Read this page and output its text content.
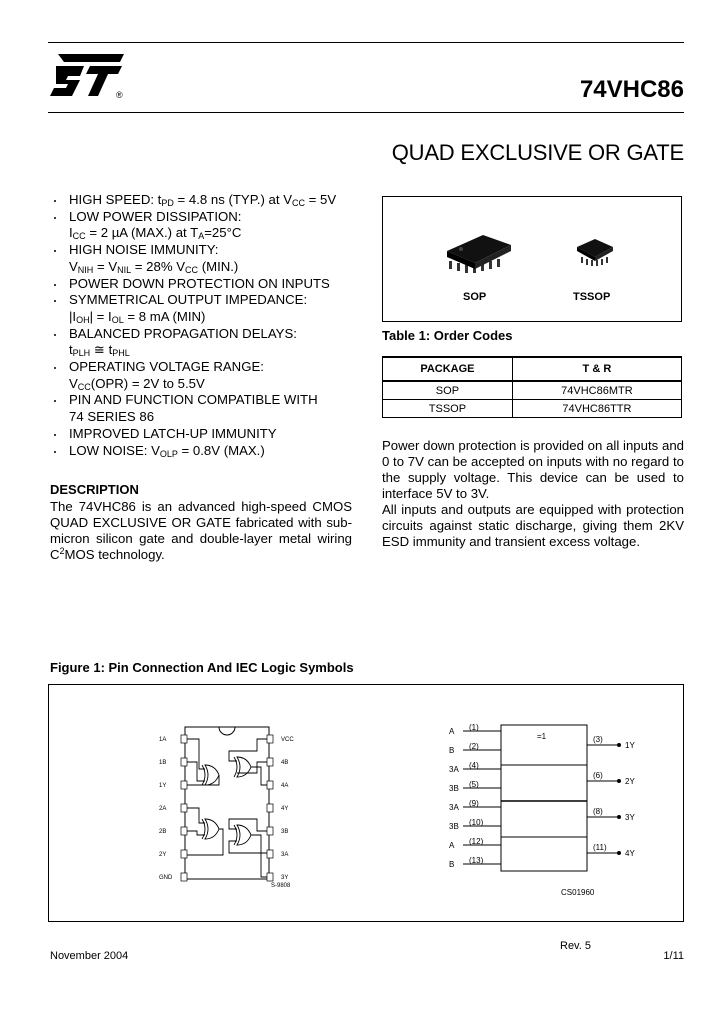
®	74VHC86
QUAD EXCLUSIVE OR GATE
HIGH SPEED: $t_{PD} = 4.8$ ns (TYP.) at $V_{CC} = 5V$
LOW POWER DISSIPATION:
$I_{CC} = 2$ µA (MAX.) at $T_A=25^\circ C$
HIGH NOISE IMMUNITY:
$V_{NIH} = V_{NIL} = 28\%$ $V_{CC}$ (MIN.)
POWER DOWN PROTECTION ON INPUTS
SYMMETRICAL OUTPUT IMPEDANCE:
$|I_{OH}| = I_{OL} = 8$ mA (MIN)
BALANCED PROPAGATION DELAYS:
$t_{PLH}$ ≅ $t_{PHL}$
OPERATING VOLTAGE RANGE:
$V_{CC}(OPR) = 2V$ to 5.5V
PIN AND FUNCTION COMPATIBLE WITH
74 SERIES 86
IMPROVED LATCH-UP IMMUNITY
LOW NOISE: $V_{OLP} = 0.8V$ (MAX.)
DESCRIPTION
The 74VHC86 is an advanced high-speed CMOS QUAD EXCLUSIVE OR GATE fabricated with sub-micron silicon gate and double-layer metal wiring $C^2MOS$ technology.
SOP	TSSOP
Table 1: Order Codes
PACKAGE	T & R
SOP	74VHC86MTR
TSSOP	74VHC86TTR
Power down protection is provided on all inputs and 0 to 7V can be accepted on inputs with no regard to the supply voltage. This device can be used to interface 5V to 3V.
All inputs and outputs are equipped with protection circuits against static discharge, giving them 2KV ESD immunity and transient excess voltage.
Figure 1: Pin Connection And IEC Logic Symbols
1A
1B
1Y
2A
2B
2Y
GND
VCC
4B
4A
4Y
3B
3A
3Y
S-9808
A (1)
B (2)
3A (4)
3B (5)
3A (9)
3B (10)
A (12)
B (13)
(3)
1Y
(6)
2Y
(8)
3Y
(11)
4Y
=1
CS01960
Rev. 5
November 2004	1/11
